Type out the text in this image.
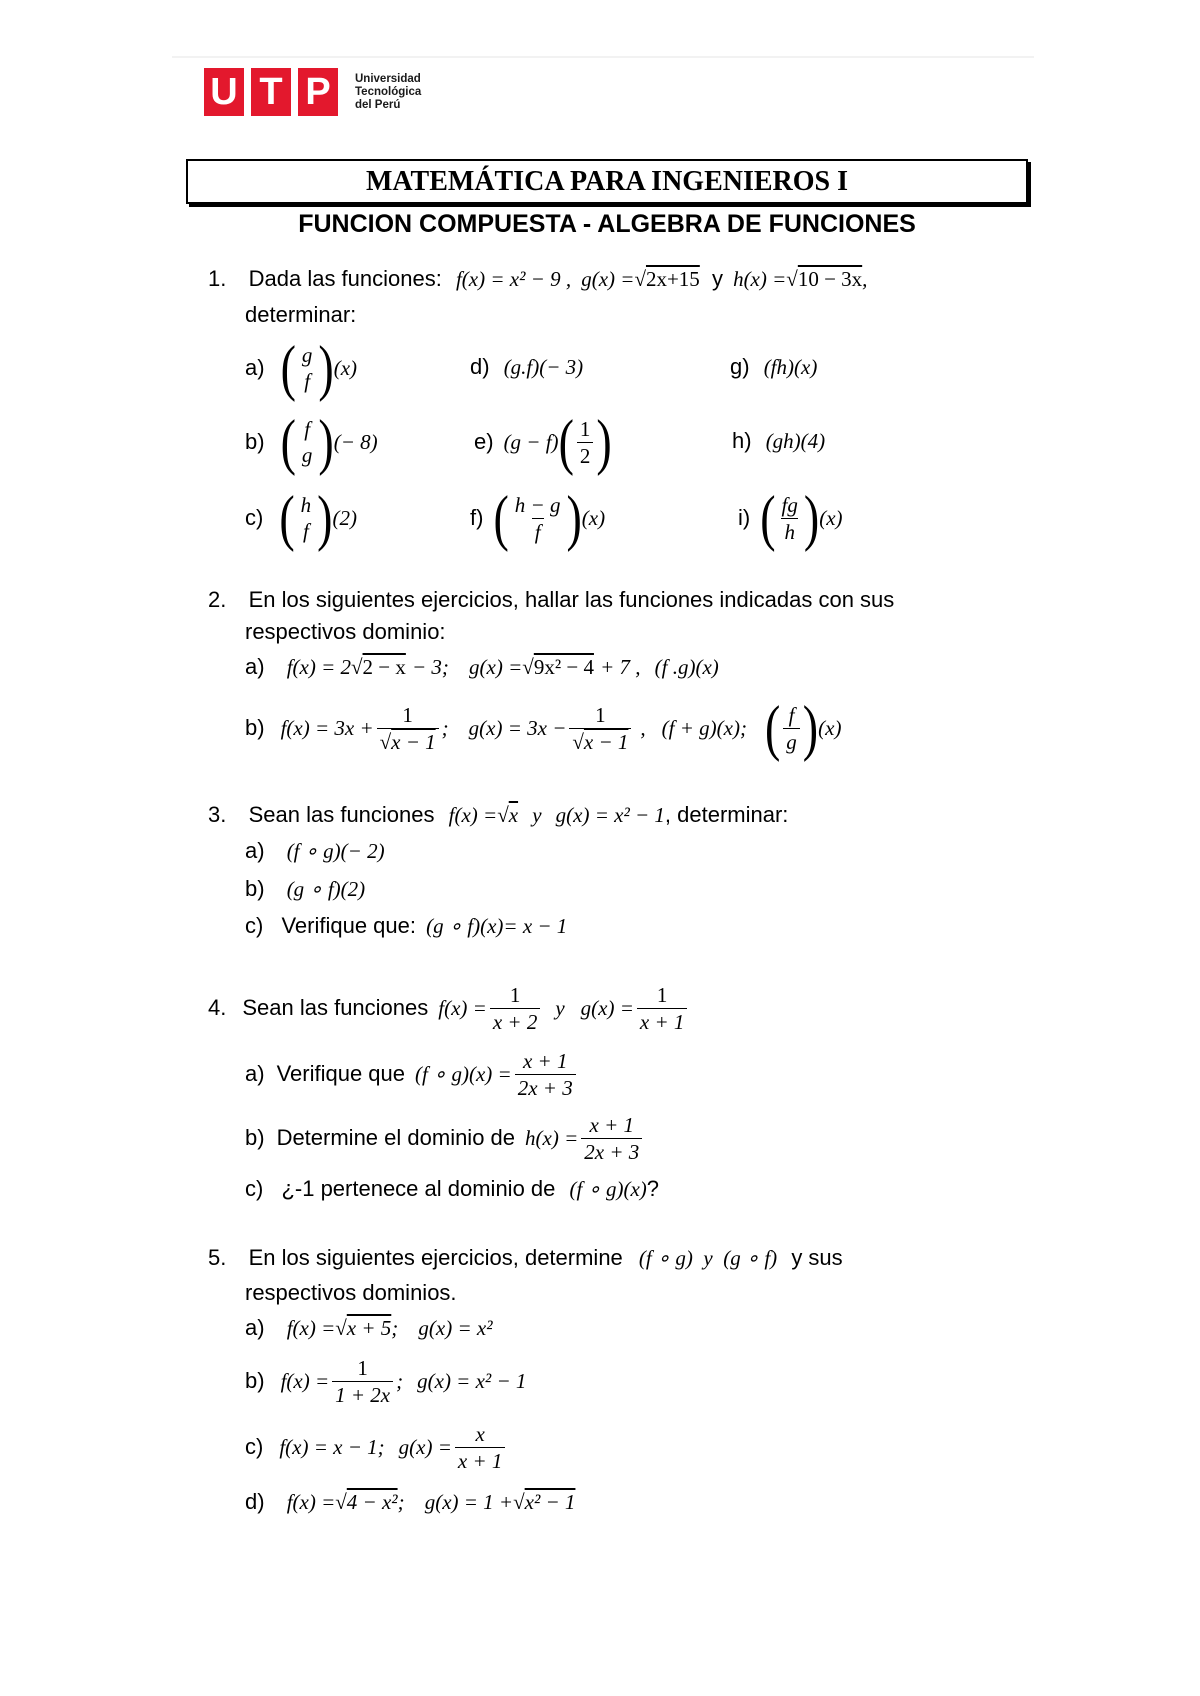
U T P Universidad
Tecnológica
del Perú
MATEMÁTICA PARA INGENIEROS I
FUNCION COMPUESTA - ALGEBRA DE FUNCIONES
1. Dada las funciones: f(x) = x² − 9 , g(x) =√2x+15 y h(x) =√10 − 3x,
determinar:
a) ( g
f ) (x)	d) (g.f)(− 3)	g) (fh)(x)
b) ( f
g ) (− 8)	e) (g − f) ( $\frac{1}{2}$ )	h) (gh)(4)
c) ( h
f ) (2)	f) ( $\frac{h - g}{f}$ ) (x)	i) ( $\frac{fg}{h}$ ) (x)
2. En los siguientes ejercicios, hallar las funciones indicadas con sus
respectivos dominio:
a) f(x) = 2√2 − x − 3; g(x) =√9x² − 4 + 7 , (f .g)(x)
b) $f(x) = 3x + \frac{1}{√x - 1}$ ; $g(x) = 3x - \frac{1}{√x - 1}$ , (f + g)(x); ( $\frac{f}{g}$ ) (x)
3. Sean las funciones f(x) =√x y g(x) = x² − 1, determinar:
a) (f ∘ g)(− 2)
b) (g ∘ f)(2)
c) Verifique que: (g ∘ f)(x)= x − 1
4. Sean las funciones $f(x) = \frac{1}{x + 2}$ y $g(x) = \frac{1}{x + 1}$
a) Verifique que (f ∘ $g)(x) = \frac{x + 1}{2x + 3}$
b) Determine el dominio de $h(x) = \frac{x + 1}{2x + 3}$
c) ¿-1 pertenece al dominio de (f ∘ g)(x)?
5. En los siguientes ejercicios, determine (f ∘ g)  y  (g ∘ f) y sus
respectivos dominios.
a) f(x) =√x + 5; g(x) = x²
b) $f(x) = \frac{1}{1 + 2x}$ ; g(x) = x² − 1
c) f(x) = x − 1; $g(x) = \frac{x}{x + 1}$
d) f(x) =√4 − x²; g(x) = 1 +√x² − 1
